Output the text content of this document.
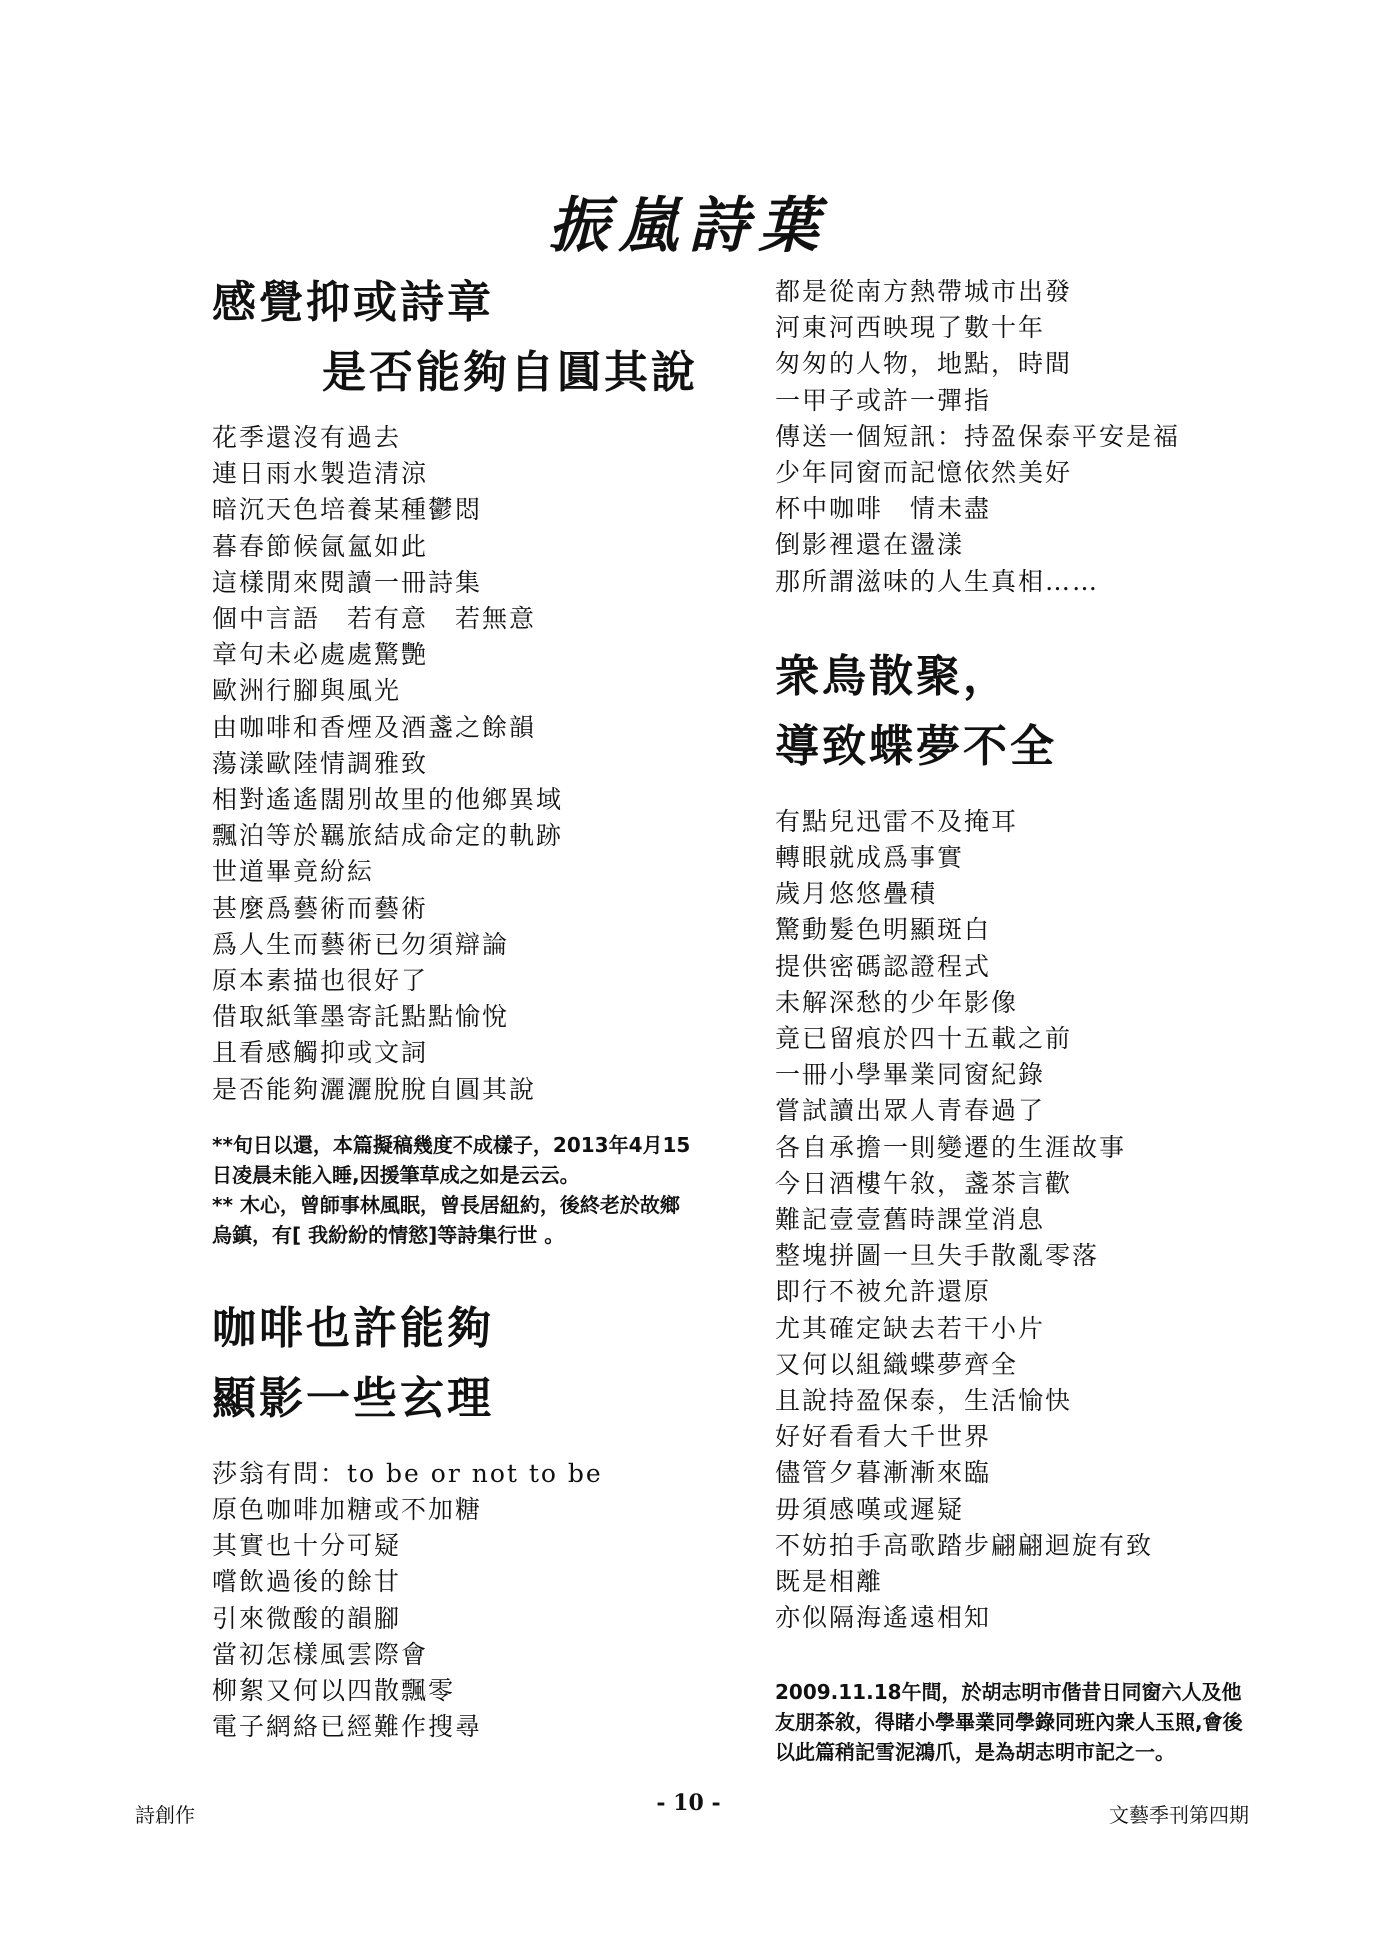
振嵐詩葉
感覺抑或詩章
是否能夠自圓其說
花季還沒有過去
連日雨水製造清涼
暗沉天色培養某種鬱悶
暮春節候氤氳如此
這樣閒來閱讀一冊詩集
個中言語　若有意　若無意
章句未必處處驚艷
歐洲行腳與風光
由咖啡和香煙及酒盞之餘韻
蕩漾歐陸情調雅致
相對遙遙闊別故里的他鄉異域
飄泊等於羈旅結成命定的軌跡
世道畢竟紛紜
甚麼爲藝術而藝術
爲人生而藝術已勿須辯論
原本素描也很好了
借取紙筆墨寄託點點愉悅
且看感觸抑或文詞
是否能夠灑灑脫脫自圓其說
**旬日以還，本篇擬稿幾度不成樣子，2013年4月15日凌晨未能入睡,因援筆草成之如是云云。
** 木心，曾師事林風眠，曾長居紐約，後終老於故鄉烏鎮，有[ 我紛紛的情慾]等詩集行世 。
咖啡也許能夠
顯影一些玄理
莎翁有問：to be or not to be
原色咖啡加糖或不加糖
其實也十分可疑
嚐飲過後的餘甘
引來微酸的韻腳
當初怎樣風雲際會
柳絮又何以四散飄零
電子網絡已經難作搜尋
都是從南方熱帶城市出發
河東河西映現了數十年
匆匆的人物，地點，時間
一甲子或許一彈指
傳送一個短訊：持盈保泰平安是福
少年同窗而記憶依然美好
杯中咖啡　情未盡
倒影裡還在盪漾
那所謂滋味的人生真相……
衆鳥散聚，
導致蝶夢不全
有點兒迅雷不及掩耳
轉眼就成爲事實
歲月悠悠疊積
驚動髮色明顯斑白
提供密碼認證程式
未解深愁的少年影像
竟已留痕於四十五載之前
一冊小學畢業同窗紀錄
嘗試讀出眾人青春過了
各自承擔一則變遷的生涯故事
今日酒樓午敘，盞茶言歡
難記壹壹舊時課堂消息
整塊拼圖一旦失手散亂零落
即行不被允許還原
尤其確定缺去若干小片
又何以組織蝶夢齊全
且說持盈保泰，生活愉快
好好看看大千世界
儘管夕暮漸漸來臨
毋須感嘆或遲疑
不妨拍手高歌踏步翩翩迴旋有致
既是相離
亦似隔海遙遠相知
2009.11.18午間，於胡志明市偕昔日同窗六人及他友朋茶敘，得睹小學畢業同學錄同班內衆人玉照,會後以此篇稍記雪泥鴻爪，是為胡志明市記之一。
詩創作	- 10 -	文藝季刊第四期
